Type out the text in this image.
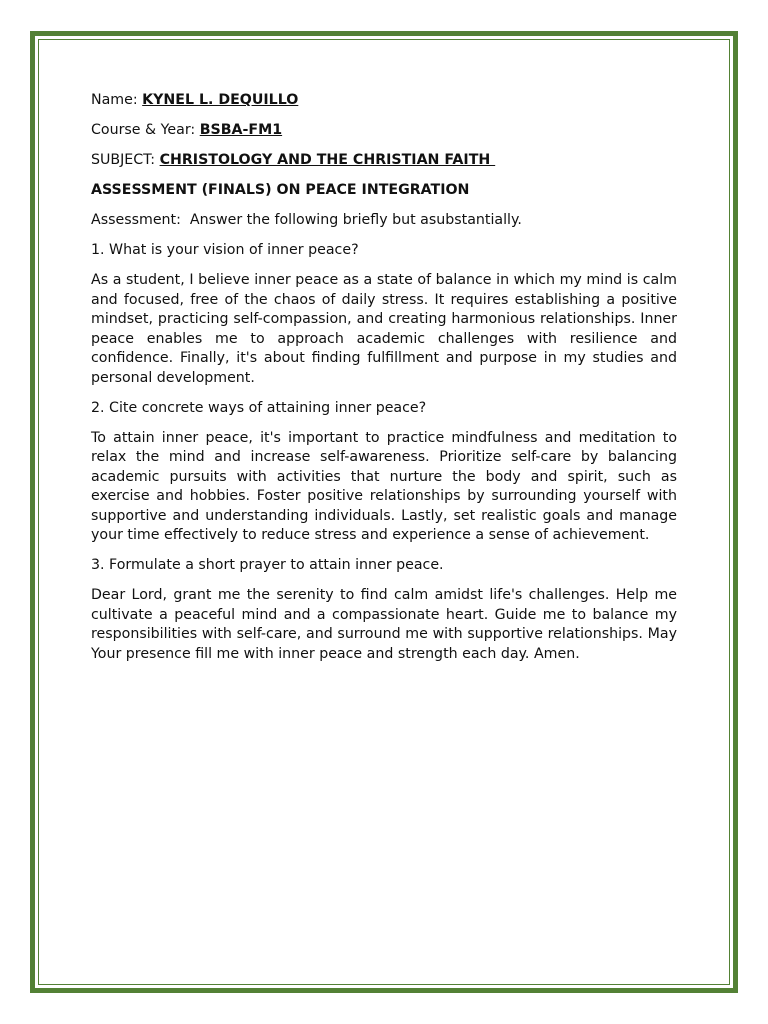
Name: KYNEL L. DEQUILLO

Course & Year: BSBA-FM1

SUBJECT: CHRISTOLOGY AND THE CHRISTIAN FAITH

ASSESSMENT (FINALS) ON PEACE INTEGRATION

Assessment:  Answer the following briefly but asubstantially.

1. What is your vision of inner peace?

As a student, I believe inner peace as a state of balance in which my mind is calm and focused, free of the chaos of daily stress. It requires establishing a positive mindset, practicing self-compassion, and creating harmonious relationships. Inner peace enables me to approach academic challenges with resilience and confidence. Finally, it's about finding fulfillment and purpose in my studies and personal development.

2. Cite concrete ways of attaining inner peace?

To attain inner peace, it's important to practice mindfulness and meditation to relax the mind and increase self-awareness. Prioritize self-care by balancing academic pursuits with activities that nurture the body and spirit, such as exercise and hobbies. Foster positive relationships by surrounding yourself with supportive and understanding individuals. Lastly, set realistic goals and manage your time effectively to reduce stress and experience a sense of achievement.

3. Formulate a short prayer to attain inner peace.

Dear Lord, grant me the serenity to find calm amidst life's challenges. Help me cultivate a peaceful mind and a compassionate heart. Guide me to balance my responsibilities with self-care, and surround me with supportive relationships. May Your presence fill me with inner peace and strength each day. Amen.
